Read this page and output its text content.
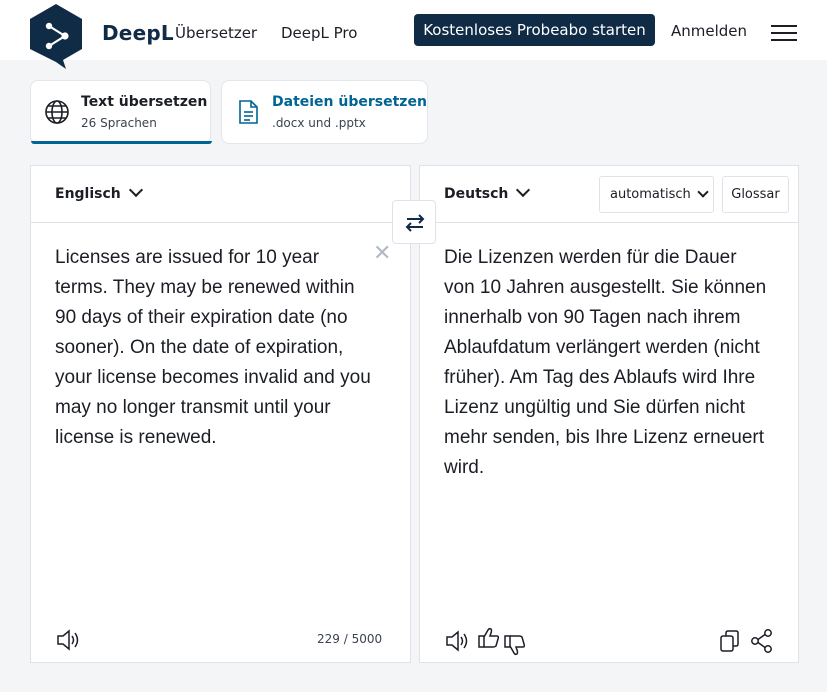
DeepL Übersetzer DeepL Pro	Kostenloses Probeabo starten	Anmelden
Text übersetzen
26 Sprachen
Dateien übersetzen
.docx und .pptx
Englisch
Licenses are issued for 10 year terms. They may be renewed within 90 days of their expiration date (no sooner). On the date of expiration, your license becomes invalid and you may no longer transmit until your license is renewed.
✕
229 / 5000
Deutsch	automatisch	Glossar
Die Lizenzen werden für die Dauer von 10 Jahren ausgestellt. Sie können innerhalb von 90 Tagen nach ihrem Ablaufdatum verlängert werden (nicht früher). Am Tag des Ablaufs wird Ihre Lizenz ungültig und Sie dürfen nicht mehr senden, bis Ihre Lizenz erneuert wird.
